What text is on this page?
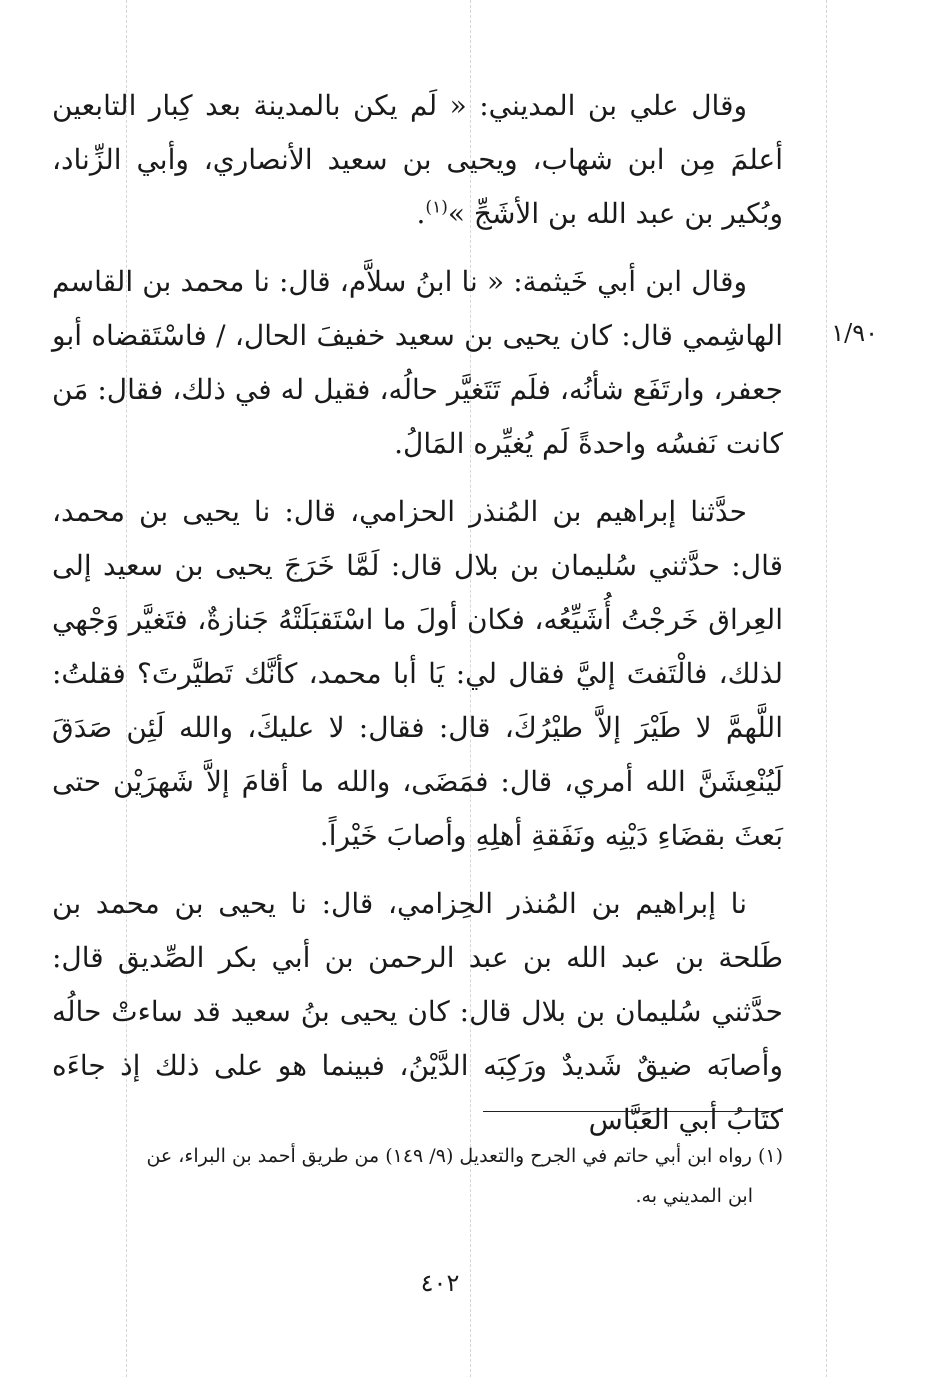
١/٩٠

وقال علي بن المديني: « لَم يكن بالمدينة بعد كِبار التابعين أعلمَ مِن ابن شهاب، ويحيى بن سعيد الأنصاري، وأبي الزِّناد، وبُكير بن عبد الله بن الأشَجِّ »$^{(١)}$.

وقال ابن أبي خَيثمة: « نا ابنُ سلاَّم، قال: نا محمد بن القاسم الهاشِمي قال: كان يحيى بن سعيد خفيفَ الحال، / فاسْتَقضاه أبو جعفر، وارتَفَع شأنُه، فلَم تَتَغيَّر حالُه، فقيل له في ذلك، فقال: مَن كانت نَفسُه واحدةً لَم يُغيِّره المَالُ.

حدَّثنا إبراهيم بن المُنذر الحزامي، قال: نا يحيى بن محمد، قال: حدَّثني سُليمان بن بلال قال: لَمَّا خَرَجَ يحيى بن سعيد إلى العِراق خَرجْتُ أُشَيِّعُه، فكان أولَ ما اسْتَقبَلَتْهُ جَنازةٌ، فتَغيَّر وَجْهي لذلك، فالْتَفتَ إليَّ فقال لي: يَا أبا محمد، كأنَّك تَطيَّرتَ؟ فقلتُ: اللَّهمَّ لا طَيْرَ إلاَّ طيْرُكَ، قال: فقال: لا عليكَ، والله لَئِن صَدَقَ لَيُنْعِشَنَّ الله أمري، قال: فمَضَى، والله ما أقامَ إلاَّ شَهرَيْن حتى بَعثَ بقضَاءِ دَيْنِه ونَفَقةِ أهلِهِ وأصابَ خَيْراً.

نا إبراهيم بن المُنذر الحِزامي، قال: نا يحيى بن محمد بن طَلحة بن عبد الله بن عبد الرحمن بن أبي بكر الصِّديق قال: حدَّثني سُليمان بن بلال قال: كان يحيى بنُ سعيد قد ساءتْ حالُه وأصابَه ضيقٌ شَديدٌ ورَكِبَه الدَّيْنُ، فبينما هو على ذلك إذ جاءَه كتَابُ أبي العَبَّاس

(١) رواه ابن أبي حاتم في الجرح والتعديل (٩/ ١٤٩) من طريق أحمد بن البراء، عن
ابن المديني به.
٤٠٢
